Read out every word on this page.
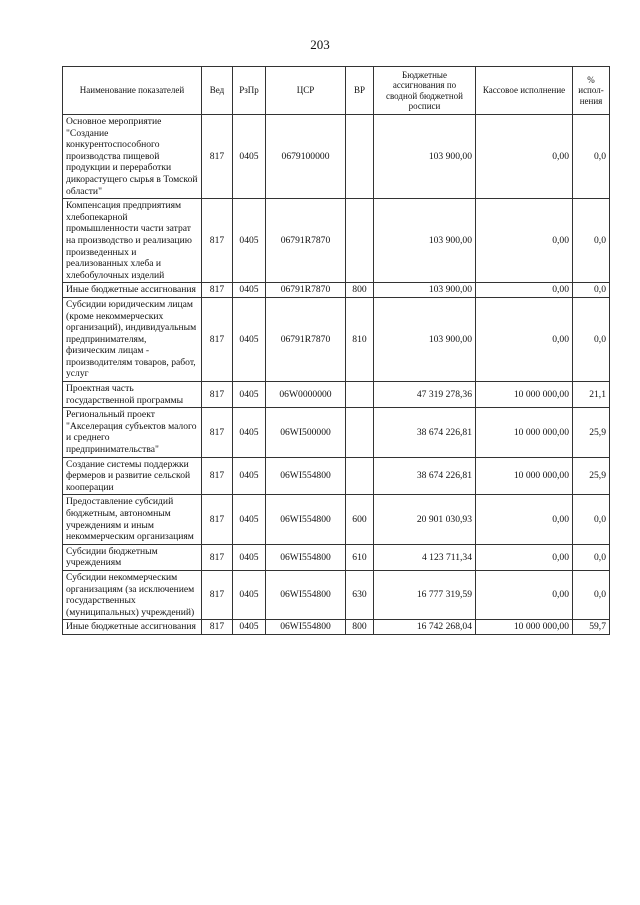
203
Наименование показателей	Вед	РзПр	ЦСР	ВР	Бюджетные ассигнования по сводной бюджетной росписи	Кассовое исполнение	% испол-нения
Основное мероприятие "Создание конкурентоспособного производства пищевой продукции и переработки дикорастущего сырья в Томской области"	817	0405	0679100000		103 900,00	0,00	0,0
Компенсация предприятиям хлебопекарной промышленности части затрат на производство и реализацию произведенных и реализованных хлеба и хлебобулочных изделий	817	0405	06791R7870		103 900,00	0,00	0,0
Иные бюджетные ассигнования	817	0405	06791R7870	800	103 900,00	0,00	0,0
Субсидии юридическим лицам (кроме некоммерческих организаций), индивидуальным предпринимателям, физическим лицам - производителям товаров, работ, услуг	817	0405	06791R7870	810	103 900,00	0,00	0,0
Проектная часть государственной программы	817	0405	06W0000000		47 319 278,36	10 000 000,00	21,1
Региональный проект "Акселерация субъектов малого и среднего предпринимательства"	817	0405	06WI500000		38 674 226,81	10 000 000,00	25,9
Создание системы поддержки фермеров и развитие сельской кооперации	817	0405	06WI554800		38 674 226,81	10 000 000,00	25,9
Предоставление субсидий бюджетным, автономным учреждениям и иным некоммерческим организациям	817	0405	06WI554800	600	20 901 030,93	0,00	0,0
Субсидии бюджетным учреждениям	817	0405	06WI554800	610	4 123 711,34	0,00	0,0
Субсидии некоммерческим организациям (за исключением государственных (муниципальных) учреждений)	817	0405	06WI554800	630	16 777 319,59	0,00	0,0
Иные бюджетные ассигнования	817	0405	06WI554800	800	16 742 268,04	10 000 000,00	59,7
